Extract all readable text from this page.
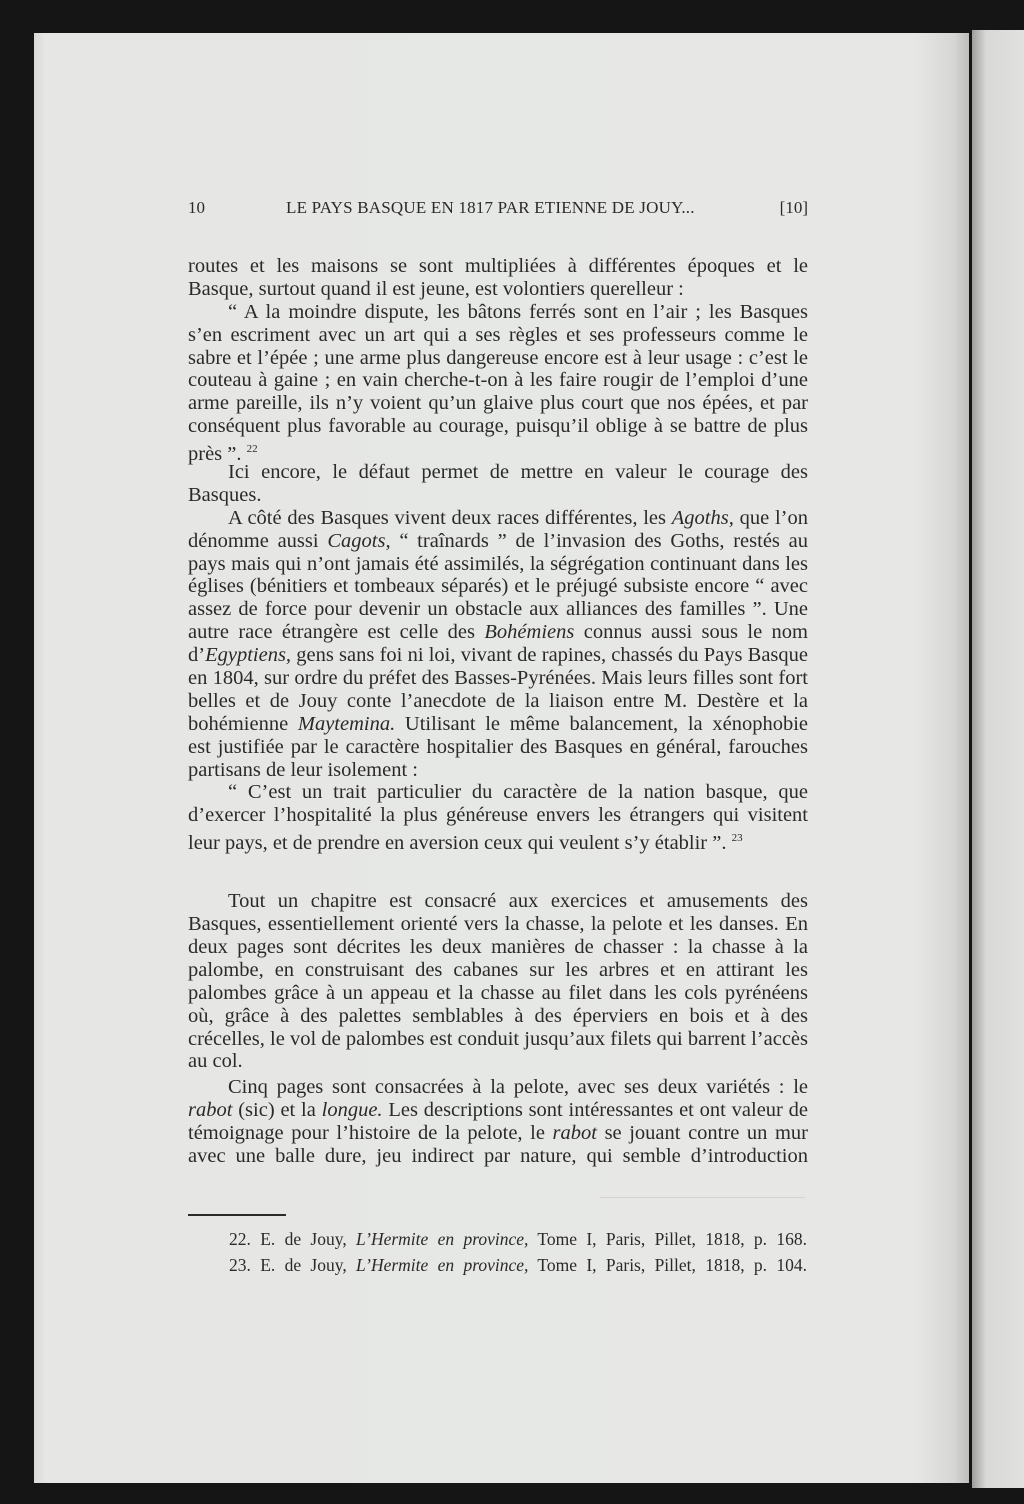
10	LE PAYS BASQUE EN 1817 PAR ETIENNE DE JOUY...	[10]
routes et les maisons se sont multipliées à différentes époques et le
Basque, surtout quand il est jeune, est volontiers querelleur :
“ A la moindre dispute, les bâtons ferrés sont en l’air ; les Basques
s’en escriment avec un art qui a ses règles et ses professeurs comme le
sabre et l’épée ; une arme plus dangereuse encore est à leur usage : c’est le
couteau à gaine ; en vain cherche-t-on à les faire rougir de l’emploi d’une
arme pareille, ils n’y voient qu’un glaive plus court que nos épées, et par
conséquent plus favorable au courage, puisqu’il oblige à se battre de plus
près ”. $^{22}$
Ici encore, le défaut permet de mettre en valeur le courage des
Basques.
A côté des Basques vivent deux races différentes, les Agoths, que l’on
dénomme aussi Cagots, “ traînards ” de l’invasion des Goths, restés au
pays mais qui n’ont jamais été assimilés, la ségrégation continuant dans les
églises (bénitiers et tombeaux séparés) et le préjugé subsiste encore “ avec
assez de force pour devenir un obstacle aux alliances des familles ”. Une
autre race étrangère est celle des Bohémiens connus aussi sous le nom
d’Egyptiens, gens sans foi ni loi, vivant de rapines, chassés du Pays Basque
en 1804, sur ordre du préfet des Basses-Pyrénées. Mais leurs filles sont fort
belles et de Jouy conte l’anecdote de la liaison entre M. Destère et la
bohémienne Maytemina. Utilisant le même balancement, la xénophobie
est justifiée par le caractère hospitalier des Basques en général, farouches
partisans de leur isolement :
“ C’est un trait particulier du caractère de la nation basque, que
d’exercer l’hospitalité la plus généreuse envers les étrangers qui visitent
leur pays, et de prendre en aversion ceux qui veulent s’y établir ”. $^{23}$
Tout un chapitre est consacré aux exercices et amusements des
Basques, essentiellement orienté vers la chasse, la pelote et les danses. En
deux pages sont décrites les deux manières de chasser : la chasse à la
palombe, en construisant des cabanes sur les arbres et en attirant les
palombes grâce à un appeau et la chasse au filet dans les cols pyrénéens
où, grâce à des palettes semblables à des éperviers en bois et à des
crécelles, le vol de palombes est conduit jusqu’aux filets qui barrent l’accès
au col.
Cinq pages sont consacrées à la pelote, avec ses deux variétés : le
rabot (sic) et la longue. Les descriptions sont intéressantes et ont valeur de
témoignage pour l’histoire de la pelote, le rabot se jouant contre un mur
avec une balle dure, jeu indirect par nature, qui semble d’introduction
22. E. de Jouy, L’Hermite en province, Tome I, Paris, Pillet, 1818, p. 168.
23. E. de Jouy, L’Hermite en province, Tome I, Paris, Pillet, 1818, p. 104.
